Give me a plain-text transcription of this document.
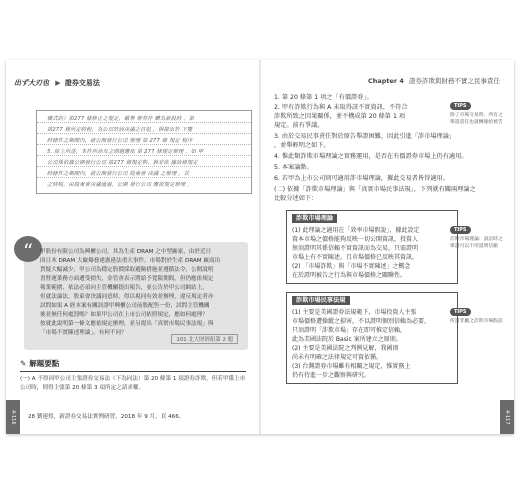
出ず大刃也 ▶ 證券交易法
橋式的）第277 條修正之規定，稱舉 辦券作 轉為新股時 ，第
第277 條所定時程，為公司於該決議之日起 ，得提出於 下覽
時條件之期間內，就公開發行公司 辦理 第 277 條 規定 程序
5. 綜上所述，本件所涉及之問題應依 第 277 條規定辦理 ，如 甲
公司係依據公開發行公司 第277 條規定對，倘非依 據該條規定
時條件之期間內，就公開發行公司 股東會 決議 之辦理 ，其
之時程，由股東會決議通過，公開 發行公司 應依規定辦理 。
“	甲股份有限公司為興櫃公司，其為生產 DRAM 之中型廠家，由於近日
因日本 DRAM 大廠爆發違憲違法重大事件，市場對於生產 DRAM 廠商出
貨疑大幅減少，甲公司為穩定股價採取避險措施並遵循法令，公開說明
書營運業務方面遭受損失，金管會表示將給予寬限期間，但仍應依規定
報業範圍，依法必須向主管機關提出報告，並公告於甲公司網站上。
但就法論法，股東會決議同意時，得以視同有效並辦理，違反規定者亦
試問如果 A 經本案有關訊證甲興櫃公司前股配售一份，試問主管機關
後並無任何處罰嗎？如果甲公司在上市公司依照規定，應如何處理？
按就此說明第一條文應依規定辦理，並另提出「真實市場民事法規」與
「市場不實陳述理論」，有何不同？
101 北大財經組第 2 題
✎ 解題要點
(一) A 不得因甲公司主張證券交易法（下為同法）第 20 條第 1 項證券詐欺，但若甲係上市公司時，則得主張第 20 條第 3 項所定之請求權。
28 劉連煜，新證券交易法實例研習，2018 年 9 月，頁 466。
4-116
Chapter 4 證券詐欺與財務不實之民事責任
1. 第 20 條第 1 項之「有價證券」。
2. 甲有詐欺行為與 A 未取得該不實資訊，不符合
詐欺所致之因果關係，並不構成第 20 條第 1 項
規定。前有爭議。
3. 由於交易民事責任對於原告舉證困難，因此引進「詐市場理論」
，並舉輕明之如下。
4. 惟此類詐欺市場理論之實務運用，是否在有價證券市場上仍有適用。
5. 本案論點。
6. 若甲為上市公司則可適用詐市場理論，據此交易者皆得適用。
(二) 依據「詐欺市場理論」與「真實市場民事法規」，下列就有關兩理論之
比較分述如下：
TIPS
除了市場交易時，所有之舉證責任也就轉嫁給被告
詐欺市場理論
(1) 此理論之適用在「效率市場假說」，據此設定
資本市場之價格能夠反映一切公開資訊，投資人
無須證明其係信賴不實資訊而為交易，只需證明
市場上有不實陳述，且市場價格已反映其資訊。
(2) 「市場詐欺」與「市場不實陳述」之概念
在於證明被告之行為與市場價格之關聯性。
TIPS
詐欺市場理論：訴訟時之舉證可以不用證明信賴
詐欺市場民事法規
(1) 主要是美國證券法規範下，市場投資人主張
市場價格遭操縱之損害，不以證明個別信賴為必要，
只須證明「詐欺市場」存在即可推定信賴，
此為美國法院於 Basic 案所建立之原則。
(2) 主要是美國法院之判例見解，我國則
尚未有明確之法律規定可資依循。
(3) 台灣證券市場雖有相關之規定，惟實務上
仍有待進一步之觀察與研究。
TIPS
所謂非屬之詐欺市場假設
4-117
